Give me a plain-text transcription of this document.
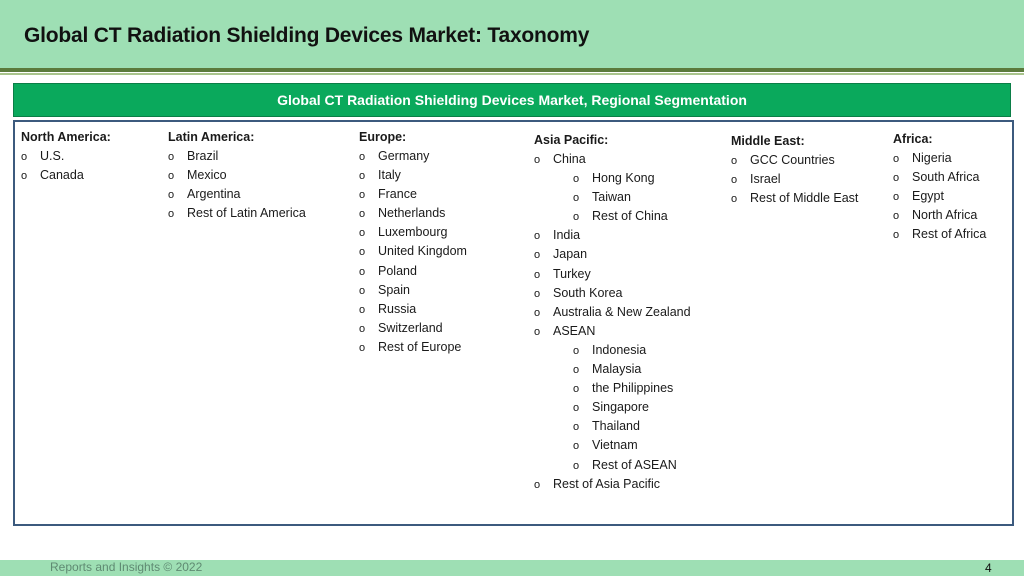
Global CT Radiation Shielding Devices Market: Taxonomy
Global CT Radiation Shielding Devices Market, Regional Segmentation
North America:
o U.S.
o Canada
Latin America:
o Brazil
o Mexico
o Argentina
o Rest of Latin America
Europe:
o Germany
o Italy
o France
o Netherlands
o Luxembourg
o United Kingdom
o Poland
o Spain
o Russia
o Switzerland
o Rest of Europe
Asia Pacific:
o China
o Hong Kong
o Taiwan
o Rest of China
o India
o Japan
o Turkey
o South Korea
o Australia & New Zealand
o ASEAN
o Indonesia
o Malaysia
o the Philippines
o Singapore
o Thailand
o Vietnam
o Rest of ASEAN
o Rest of Asia Pacific
Middle East:
o GCC Countries
o Israel
o Rest of Middle East
Africa:
o Nigeria
o South Africa
o Egypt
o North Africa
o Rest of Africa
Reports and Insights © 2022	4
